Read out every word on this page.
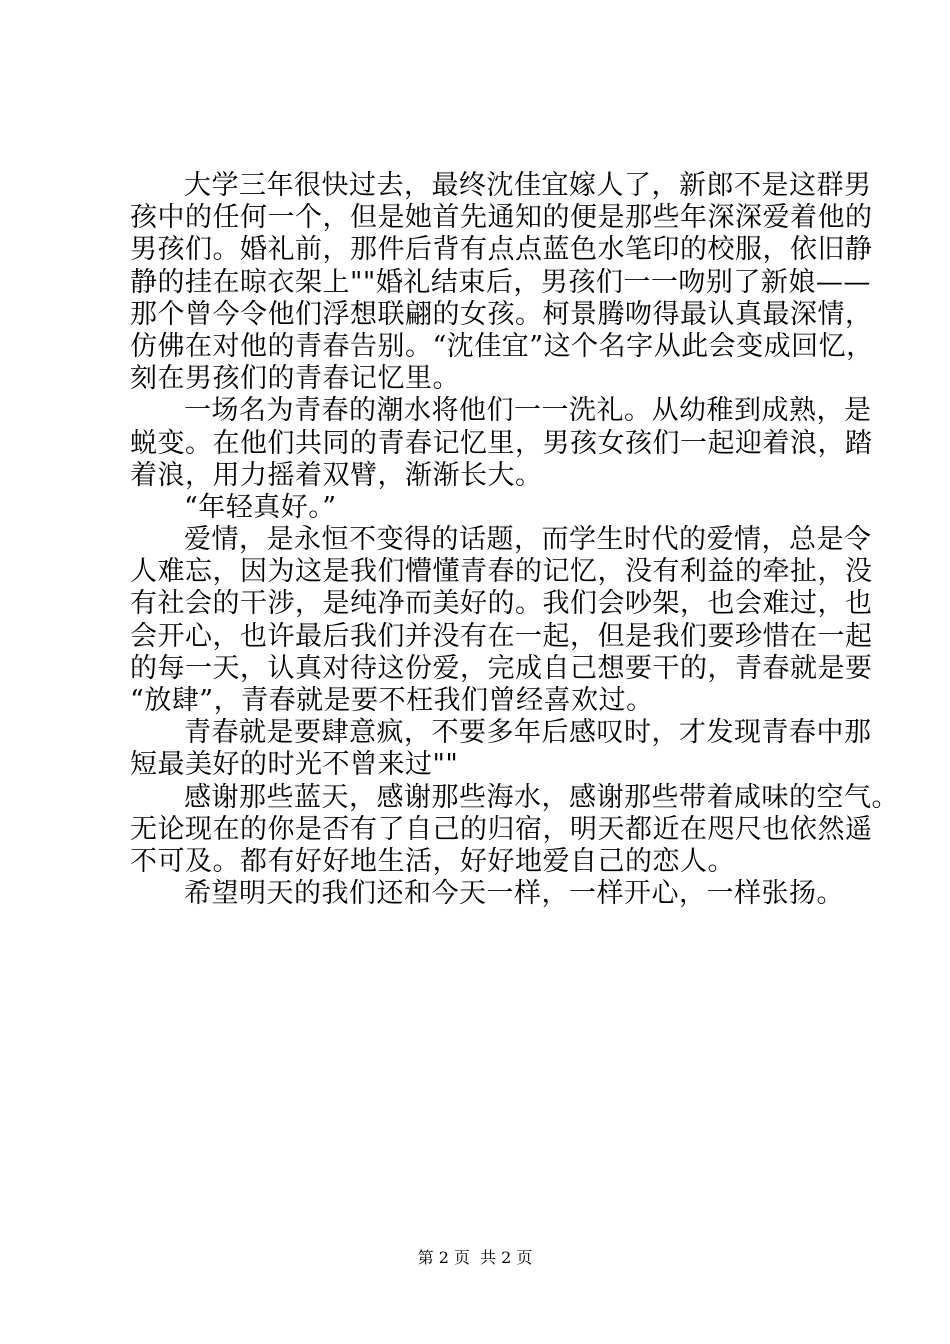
大学三年很快过去，最终沈佳宜嫁人了，新郎不是这群男
孩中的任何一个，但是她首先通知的便是那些年深深爱着他的
男孩们。婚礼前，那件后背有点点蓝色水笔印的校服，依旧静
静的挂在晾衣架上""婚礼结束后，男孩们一一吻别了新娘——
那个曾今令他们浮想联翩的女孩。柯景腾吻得最认真最深情，
仿佛在对他的青春告别。“沈佳宜”这个名字从此会变成回忆，
刻在男孩们的青春记忆里。
一场名为青春的潮水将他们一一洗礼。从幼稚到成熟，是
蜕变。在他们共同的青春记忆里，男孩女孩们一起迎着浪，踏
着浪，用力摇着双臂，渐渐长大。
“年轻真好。”
爱情，是永恒不变得的话题，而学生时代的爱情，总是令
人难忘，因为这是我们懵懂青春的记忆，没有利益的牵扯，没
有社会的干涉，是纯净而美好的。我们会吵架，也会难过，也
会开心，也许最后我们并没有在一起，但是我们要珍惜在一起
的每一天，认真对待这份爱，完成自己想要干的，青春就是要
“放肆”，青春就是要不枉我们曾经喜欢过。
青春就是要肆意疯，不要多年后感叹时，才发现青春中那
短最美好的时光不曾来过""
感谢那些蓝天，感谢那些海水，感谢那些带着咸味的空气。
无论现在的你是否有了自己的归宿，明天都近在咫尺也依然遥
不可及。都有好好地生活，好好地爱自己的恋人。
希望明天的我们还和今天一样，一样开心，一样张扬。
第 2 页 共 2 页
